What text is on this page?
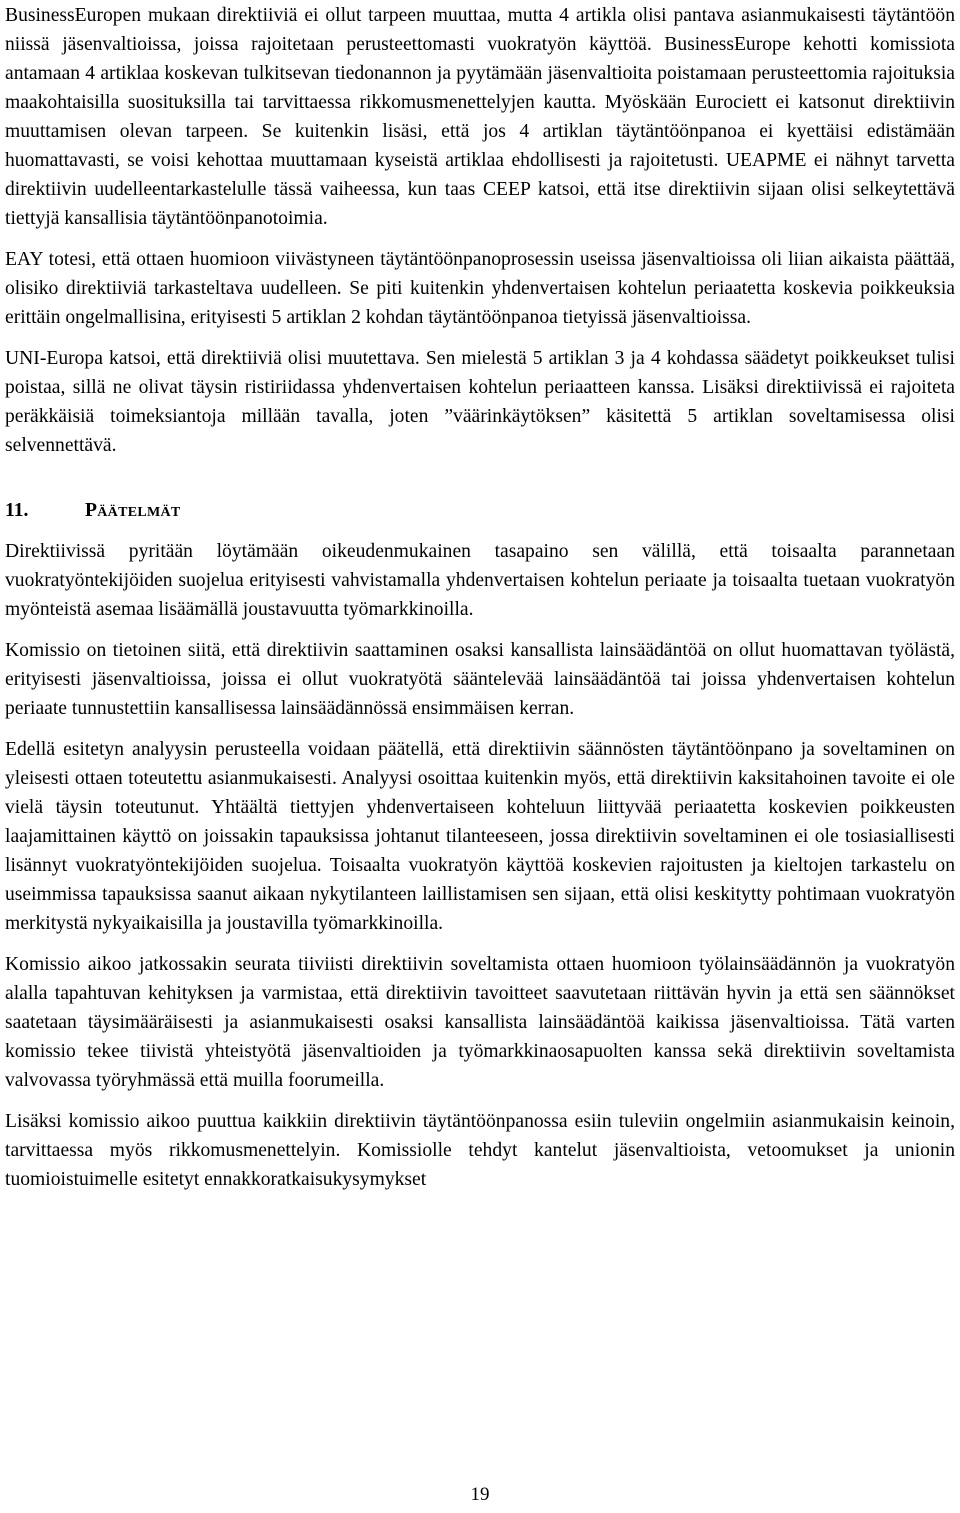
BusinessEuropen mukaan direktiiviä ei ollut tarpeen muuttaa, mutta 4 artikla olisi pantava asianmukaisesti täytäntöön niissä jäsenvaltioissa, joissa rajoitetaan perusteettomasti vuokratyön käyttöä. BusinessEurope kehotti komissiota antamaan 4 artiklaa koskevan tulkitsevan tiedonannon ja pyytämään jäsenvaltioita poistamaan perusteettomia rajoituksia maakohtaisilla suosituksilla tai tarvittaessa rikkomusmenettelyjen kautta. Myöskään Eurociett ei katsonut direktiivin muuttamisen olevan tarpeen. Se kuitenkin lisäsi, että jos 4 artiklan täytäntöönpanoa ei kyettäisi edistämään huomattavasti, se voisi kehottaa muuttamaan kyseistä artiklaa ehdollisesti ja rajoitetusti. UEAPME ei nähnyt tarvetta direktiivin uudelleentarkastelulle tässä vaiheessa, kun taas CEEP katsoi, että itse direktiivin sijaan olisi selkeytettävä tiettyjä kansallisia täytäntöönpanotoimia.

EAY totesi, että ottaen huomioon viivästyneen täytäntöönpanoprosessin useissa jäsenvaltioissa oli liian aikaista päättää, olisiko direktiiviä tarkasteltava uudelleen. Se piti kuitenkin yhdenvertaisen kohtelun periaatetta koskevia poikkeuksia erittäin ongelmallisina, erityisesti 5 artiklan 2 kohdan täytäntöönpanoa tietyissä jäsenvaltioissa.

UNI-Europa katsoi, että direktiiviä olisi muutettava. Sen mielestä 5 artiklan 3 ja 4 kohdassa säädetyt poikkeukset tulisi poistaa, sillä ne olivat täysin ristiriidassa yhdenvertaisen kohtelun periaatteen kanssa. Lisäksi direktiivissä ei rajoiteta peräkkäisiä toimeksiantoja millään tavalla, joten ”väärinkäytöksen” käsitettä 5 artiklan soveltamisessa olisi selvennettävä.

11.	Päätelmät

Direktiivissä pyritään löytämään oikeudenmukainen tasapaino sen välillä, että toisaalta parannetaan vuokratyöntekijöiden suojelua erityisesti vahvistamalla yhdenvertaisen kohtelun periaate ja toisaalta tuetaan vuokratyön myönteistä asemaa lisäämällä joustavuutta työmarkkinoilla.

Komissio on tietoinen siitä, että direktiivin saattaminen osaksi kansallista lainsäädäntöä on ollut huomattavan työlästä, erityisesti jäsenvaltioissa, joissa ei ollut vuokratyötä sääntelevää lainsäädäntöä tai joissa yhdenvertaisen kohtelun periaate tunnustettiin kansallisessa lainsäädännössä ensimmäisen kerran.

Edellä esitetyn analyysin perusteella voidaan päätellä, että direktiivin säännösten täytäntöönpano ja soveltaminen on yleisesti ottaen toteutettu asianmukaisesti. Analyysi osoittaa kuitenkin myös, että direktiivin kaksitahoinen tavoite ei ole vielä täysin toteutunut. Yhtäältä tiettyjen yhdenvertaiseen kohteluun liittyvää periaatetta koskevien poikkeusten laajamittainen käyttö on joissakin tapauksissa johtanut tilanteeseen, jossa direktiivin soveltaminen ei ole tosiasiallisesti lisännyt vuokratyöntekijöiden suojelua. Toisaalta vuokratyön käyttöä koskevien rajoitusten ja kieltojen tarkastelu on useimmissa tapauksissa saanut aikaan nykytilanteen laillistamisen sen sijaan, että olisi keskitytty pohtimaan vuokratyön merkitystä nykyaikaisilla ja joustavilla työmarkkinoilla.

Komissio aikoo jatkossakin seurata tiiviisti direktiivin soveltamista ottaen huomioon työlainsäädännön ja vuokratyön alalla tapahtuvan kehityksen ja varmistaa, että direktiivin tavoitteet saavutetaan riittävän hyvin ja että sen säännökset saatetaan täysimääräisesti ja asianmukaisesti osaksi kansallista lainsäädäntöä kaikissa jäsenvaltioissa. Tätä varten komissio tekee tiivistä yhteistyötä jäsenvaltioiden ja työmarkkinaosapuolten kanssa sekä direktiivin soveltamista valvovassa työryhmässä että muilla foorumeilla.

Lisäksi komissio aikoo puuttua kaikkiin direktiivin täytäntöönpanossa esiin tuleviin ongelmiin asianmukaisin keinoin, tarvittaessa myös rikkomusmenettelyin. Komissiolle tehdyt kantelut jäsenvaltioista, vetoomukset ja unionin tuomioistuimelle esitetyt ennakkoratkaisukysymykset

19
